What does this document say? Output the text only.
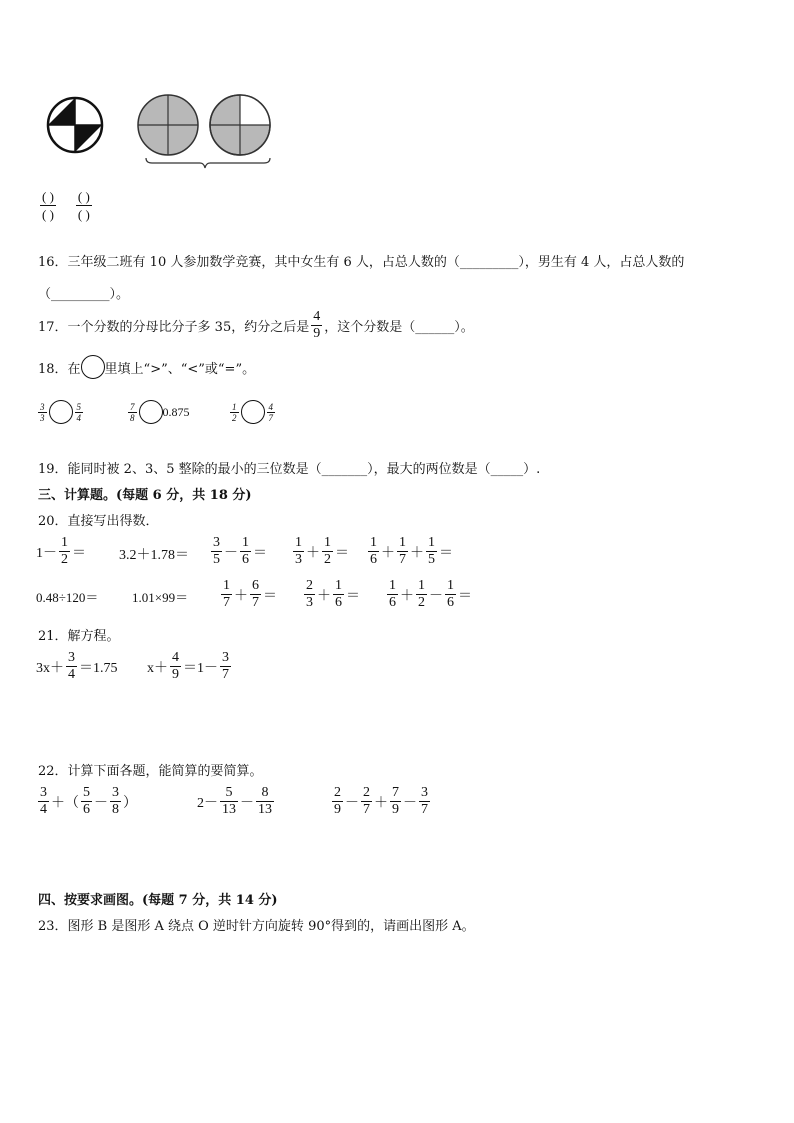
$\frac{( )}{( )} \frac{( )}{( )}$
16．三年级二班有 10 人参加数学竞赛，其中女生有 6 人，占总人数的（_________），男生有 4 人，占总人数的
（_________）。
17．一个分数的分母比分子多 35，约分之后是 $\frac{4}{9}$ ，这个分数是（______）。
18．在 里填上“>”、“<”或“=”。
$\frac{3}{3}$	$\frac{5}{4}$	$\frac{7}{8} 0.875$	$\frac{1}{2}$	$\frac{4}{7}$
19．能同时被 2、3、5 整除的最小的三位数是（_______），最大的两位数是（_____）.
三、计算题。(每题 6 分，共 18 分)
20．直接写出得数．
$1- \frac{1}{2} = 3.2+1.78= \frac{3}{5} - \frac{1}{6} = \frac{1}{3} + \frac{1}{2} = \frac{1}{6} + \frac{1}{7} + \frac{1}{5}$ ＝
0.48÷120＝	$1.01\times 99= \frac{1}{7} + \frac{6}{7} = \frac{2}{3} + \frac{1}{6} = \frac{1}{6} + \frac{1}{2} - \frac{1}{6}$ ＝
21．解方程。
$3x+ \frac{3}{4} =1.75$ $x+ \frac{4}{9} =1- \frac{3}{7}$
22．计算下面各题，能简算的要简算。
$\frac{3}{4}$ ＋（ $\frac{5}{6} - \frac{3}{8}$ ）	$2- \frac{5}{13} - \frac{8}{13}$	$\frac{2}{9} - \frac{2}{7} + \frac{7}{9} - \frac{3}{7}$
四、按要求画图。(每题 7 分，共 14 分)
23．图形 B 是图形 A 绕点 O 逆时针方向旋转 90°得到的，请画出图形 A。
